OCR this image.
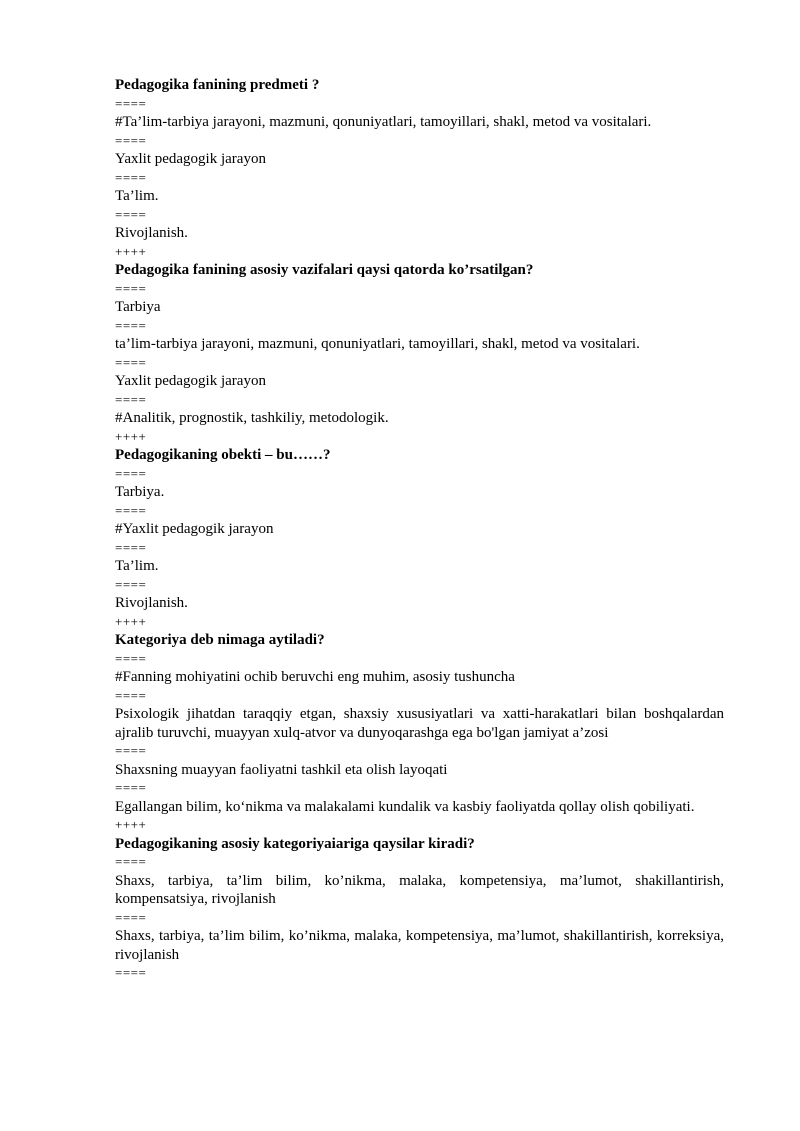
Pedagogika fanining predmeti ?

====

#Ta’lim-tarbiya jarayoni, mazmuni, qonuniyatlari, tamoyillari, shakl, metod va vositalari.

====

Yaxlit pedagogik jarayon

====

Ta’lim.

====

Rivojlanish.

++++

Pedagogika fanining asosiy vazifalari qaysi qatorda ko’rsatilgan?

====

Tarbiya

====

ta’lim-tarbiya jarayoni, mazmuni, qonuniyatlari, tamoyillari, shakl, metod va vositalari.

====

Yaxlit pedagogik jarayon

====

#Analitik, prognostik, tashkiliy, metodologik.

++++

Pedagogikaning obekti – bu……?

====

Tarbiya.

====

#Yaxlit pedagogik jarayon

====

Ta’lim.

====

Rivojlanish.

++++

Kategoriya deb nimaga aytiladi?

====

#Fanning mohiyatini ochib beruvchi eng muhim, asosiy tushuncha

====

Psixologik jihatdan taraqqiy etgan, shaxsiy xususiyatlari va xatti-harakatlari bilan boshqalardan ajralib turuvchi, muayyan xulq-atvor va dunyoqarashga ega bo'lgan jamiyat a’zosi

====

Shaxsning muayyan faoliyatni tashkil eta olish layoqati

====

Egallangan bilim, ko‘nikma va malakalami kundalik va kasbiy faoliyatda qollay olish qobiliyati.

++++

Pedagogikaning asosiy kategoriyaiariga qaysilar kiradi?

====

Shaxs, tarbiya, ta’lim bilim, ko’nikma, malaka, kompetensiya, ma’lumot, shakillantirish, kompensatsiya, rivojlanish

====

Shaxs, tarbiya, ta’lim bilim, ko’nikma, malaka, kompetensiya, ma’lumot, shakillantirish, korreksiya, rivojlanish

====
